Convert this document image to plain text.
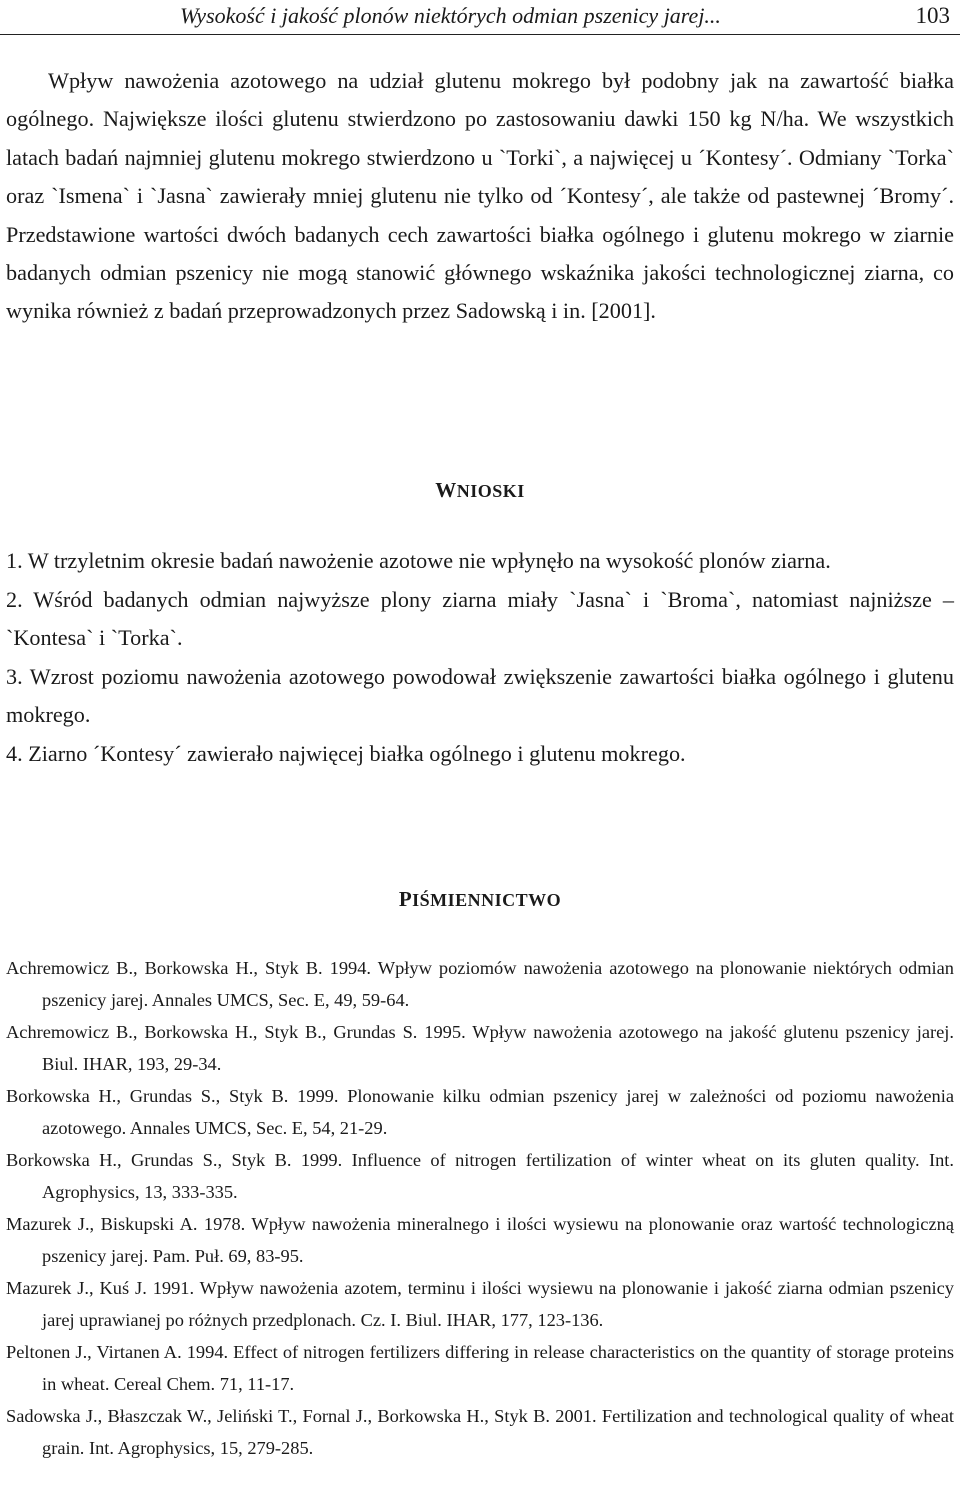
Wysokość i jakość plonów niektórych odmian pszenicy jarej...	103

Wpływ nawożenia azotowego na udział glutenu mokrego był podobny jak na zawartość białka ogólnego. Największe ilości glutenu stwierdzono po zastosowaniu dawki 150 kg N/ha. We wszystkich latach badań najmniej glutenu mokrego stwierdzono u `Torki`, a najwięcej u ´Kontesy´. Odmiany `Torka` oraz `Ismena` i `Jasna` zawierały mniej glutenu nie tylko od ´Kontesy´, ale także od pastewnej ´Bromy´. Przedstawione wartości dwóch badanych cech zawartości białka ogólnego i glutenu mokrego w ziarnie badanych odmian pszenicy nie mogą stanowić głównego wskaźnika jakości technologicznej ziarna, co wynika również z badań przeprowadzonych przez Sadowską i in. [2001].

WNIOSKI

1. W trzyletnim okresie badań nawożenie azotowe nie wpłynęło na wysokość plonów ziarna.

2. Wśród badanych odmian najwyższe plony ziarna miały `Jasna` i `Broma`, natomiast najniższe – `Kontesa` i `Torka`.

3. Wzrost poziomu nawożenia azotowego powodował zwiększenie zawartości białka ogólnego i glutenu mokrego.

4. Ziarno ´Kontesy´ zawierało najwięcej białka ogólnego i glutenu mokrego.

PIŚMIENNICTWO

Achremowicz B., Borkowska H., Styk B. 1994. Wpływ poziomów nawożenia azotowego na plonowanie niektórych odmian pszenicy jarej. Annales UMCS, Sec. E, 49, 59-64.

Achremowicz B., Borkowska H., Styk B., Grundas S. 1995. Wpływ nawożenia azotowego na jakość glutenu pszenicy jarej. Biul. IHAR, 193, 29-34.

Borkowska H., Grundas S., Styk B. 1999. Plonowanie kilku odmian pszenicy jarej w zależności od poziomu nawożenia azotowego. Annales UMCS, Sec. E, 54, 21-29.

Borkowska H., Grundas S., Styk B. 1999. Influence of nitrogen fertilization of winter wheat on its gluten quality. Int. Agrophysics, 13, 333-335.

Mazurek J., Biskupski A. 1978. Wpływ nawożenia mineralnego i ilości wysiewu na plonowanie oraz wartość technologiczną pszenicy jarej. Pam. Puł. 69, 83-95.

Mazurek J., Kuś J. 1991. Wpływ nawożenia azotem, terminu i ilości wysiewu na plonowanie i jakość ziarna odmian pszenicy jarej uprawianej po różnych przedplonach. Cz. I. Biul. IHAR, 177, 123-136.

Peltonen J., Virtanen A. 1994. Effect of nitrogen fertilizers differing in release characteristics on the quantity of storage proteins in wheat. Cereal Chem. 71, 11-17.

Sadowska J., Błaszczak W., Jeliński T., Fornal J., Borkowska H., Styk B. 2001. Fertilization and technological quality of wheat grain. Int. Agrophysics, 15, 279-285.
